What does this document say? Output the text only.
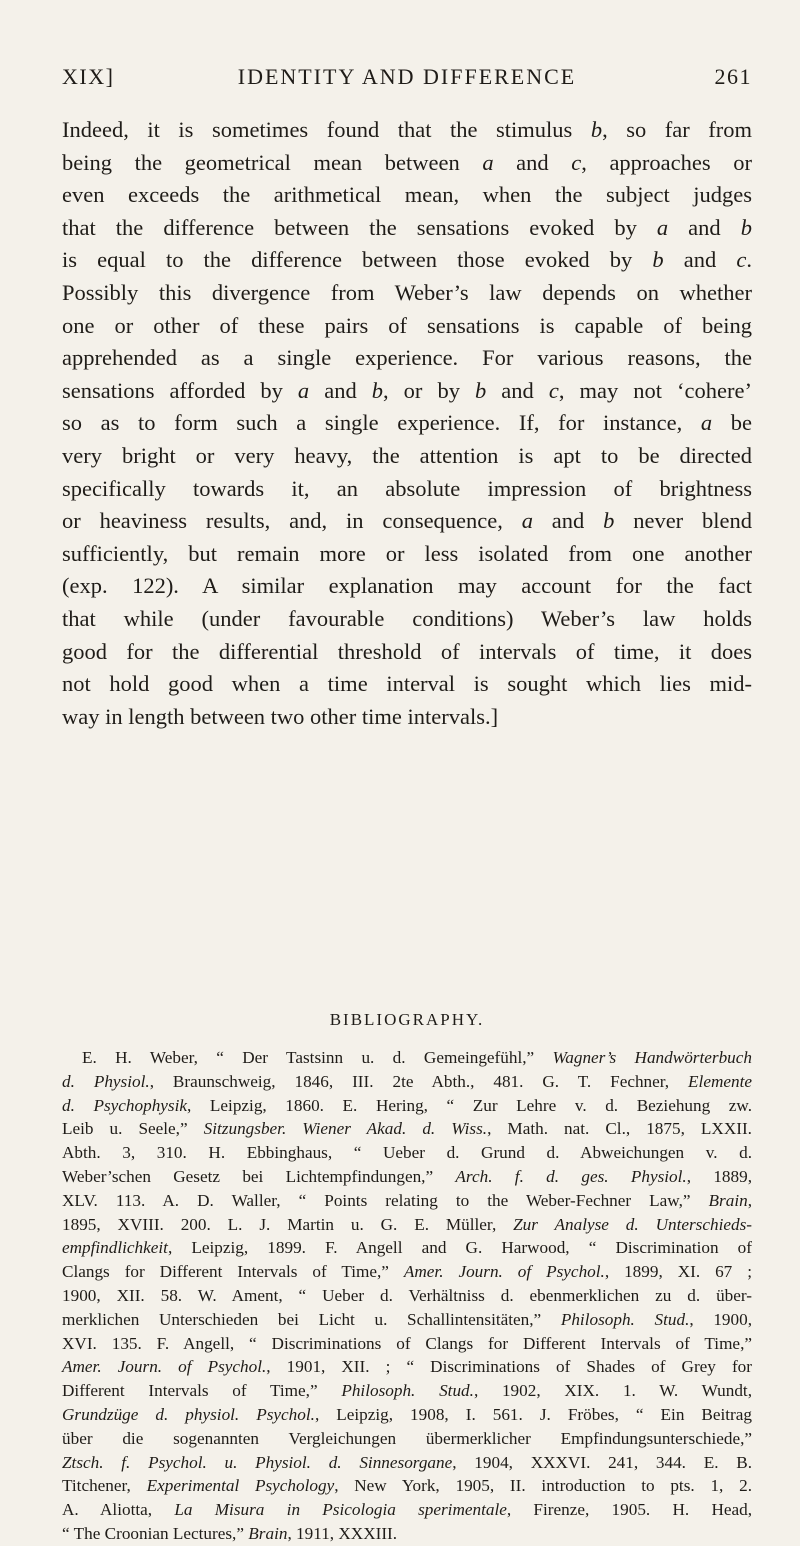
XIX]	IDENTITY AND DIFFERENCE	261
Indeed, it is sometimes found that the stimulus b, so far from
being the geometrical mean between a and c, approaches or
even exceeds the arithmetical mean, when the subject judges
that the difference between the sensations evoked by a and b
is equal to the difference between those evoked by b and c.
Possibly this divergence from Weber’s law depends on whether
one or other of these pairs of sensations is capable of being
apprehended as a single experience. For various reasons, the
sensations afforded by a and b, or by b and c, may not ‘cohere’
so as to form such a single experience. If, for instance, a be
very bright or very heavy, the attention is apt to be directed
specifically towards it, an absolute impression of brightness
or heaviness results, and, in consequence, a and b never blend
sufficiently, but remain more or less isolated from one another
(exp. 122). A similar explanation may account for the fact
that while (under favourable conditions) Weber’s law holds
good for the differential threshold of intervals of time, it does
not hold good when a time interval is sought which lies mid-
way in length between two other time intervals.]
BIBLIOGRAPHY.
E. H. Weber, “ Der Tastsinn u. d. Gemeingefühl,” Wagner’s Handwörterbuch
d. Physiol., Braunschweig, 1846, III. 2te Abth., 481. G. T. Fechner, Elemente
d. Psychophysik, Leipzig, 1860. E. Hering, “ Zur Lehre v. d. Beziehung zw.
Leib u. Seele,” Sitzungsber. Wiener Akad. d. Wiss., Math. nat. Cl., 1875, LXXII.
Abth. 3, 310. H. Ebbinghaus, “ Ueber d. Grund d. Abweichungen v. d.
Weber’schen Gesetz bei Lichtempfindungen,” Arch. f. d. ges. Physiol., 1889,
XLV. 113. A. D. Waller, “ Points relating to the Weber-Fechner Law,” Brain,
1895, XVIII. 200. L. J. Martin u. G. E. Müller, Zur Analyse d. Unterschieds-
empfindlichkeit, Leipzig, 1899. F. Angell and G. Harwood, “ Discrimination of
Clangs for Different Intervals of Time,” Amer. Journ. of Psychol., 1899, XI. 67 ;
1900, XII. 58. W. Ament, “ Ueber d. Verhältniss d. ebenmerklichen zu d. über-
merklichen Unterschieden bei Licht u. Schallintensitäten,” Philosoph. Stud., 1900,
XVI. 135. F. Angell, “ Discriminations of Clangs for Different Intervals of Time,”
Amer. Journ. of Psychol., 1901, XII. ; “ Discriminations of Shades of Grey for
Different Intervals of Time,” Philosoph. Stud., 1902, XIX. 1. W. Wundt,
Grundzüge d. physiol. Psychol., Leipzig, 1908, I. 561. J. Fröbes, “ Ein Beitrag
über die sogenannten Vergleichungen übermerklicher Empfindungsunterschiede,”
Ztsch. f. Psychol. u. Physiol. d. Sinnesorgane, 1904, XXXVI. 241, 344. E. B.
Titchener, Experimental Psychology, New York, 1905, II. introduction to pts. 1, 2.
A. Aliotta, La Misura in Psicologia sperimentale, Firenze, 1905. H. Head,
“ The Croonian Lectures,” Brain, 1911, XXXIII.
